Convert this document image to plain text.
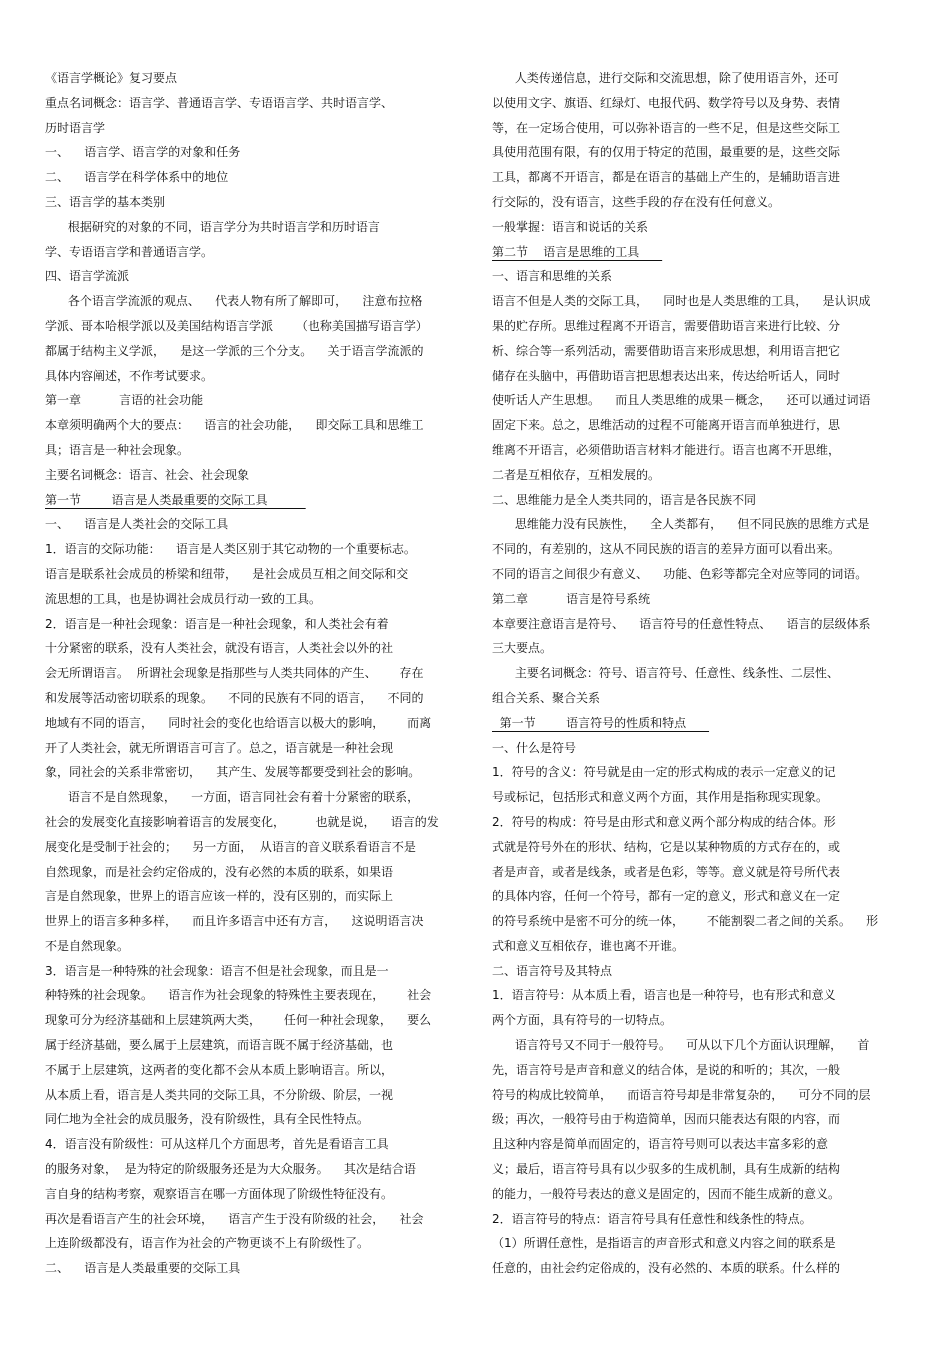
《语言学概论》复习要点
重点名词概念：语言学、普通语言学、专语语言学、共时语言学、
历时语言学
一、    语言学、语言学的对象和任务
二、    语言学在科学体系中的地位
三、语言学的基本类别
根据研究的对象的不同，语言学分为共时语言学和历时语言
学、专语语言学和普通语言学。
四、语言学流派
各个语言学流派的观点、    代表人物有所了解即可，    注意布拉格
学派、哥本哈根学派以及美国结构语言学派      （也称美国描写语言学）
都属于结构主义学派，    是这一学派的三个分支。    关于语言学流派的
具体内容阐述，不作考试要求。
第一章          言语的社会功能
本章须明确两个大的要点：    语言的社会功能，    即交际工具和思维工
具；语言是一种社会现象。
主要名词概念：语言、社会、社会现象
第一节        语言是人类最重要的交际工具
一、    语言是人类社会的交际工具
1．语言的交际功能：    语言是人类区别于其它动物的一个重要标志。
语言是联系社会成员的桥梁和纽带，    是社会成员互相之间交际和交
流思想的工具，也是协调社会成员行动一致的工具。
2．语言是一种社会现象：语言是一种社会现象，和人类社会有着
十分紧密的联系，没有人类社会，就没有语言，人类社会以外的社
会无所谓语言。  所谓社会现象是指那些与人类共同体的产生、      存在
和发展等活动密切联系的现象。    不同的民族有不同的语言，    不同的
地域有不同的语言，    同时社会的变化也给语言以极大的影响，      而离
开了人类社会，就无所谓语言可言了。总之，语言就是一种社会现
象，同社会的关系非常密切，    其产生、发展等都要受到社会的影响。
语言不是自然现象，    一方面，语言同社会有着十分紧密的联系，
社会的发展变化直接影响着语言的发展变化，        也就是说，    语言的发
展变化是受制于社会的；    另一方面，  从语言的音义联系看语言不是
自然现象，而是社会约定俗成的，没有必然的本质的联系，如果语
言是自然现象，世界上的语言应该一样的，没有区别的，而实际上
世界上的语言多种多样，    而且许多语言中还有方言，    这说明语言决
不是自然现象。
3．语言是一种特殊的社会现象：语言不但是社会现象，而且是一
种特殊的社会现象。    语言作为社会现象的特殊性主要表现在，      社会
现象可分为经济基础和上层建筑两大类，      任何一种社会现象，    要么
属于经济基础，要么属于上层建筑，而语言既不属于经济基础，也
不属于上层建筑，这两者的变化都不会从本质上影响语言。所以，
从本质上看，语言是人类共同的交际工具，不分阶级、阶层，一视
同仁地为全社会的成员服务，没有阶级性，具有全民性特点。
4．语言没有阶级性：可从这样几个方面思考，首先是看语言工具
的服务对象，  是为特定的阶级服务还是为大众服务。    其次是结合语
言自身的结构考察，观察语言在哪一方面体现了阶级性特征没有。
再次是看语言产生的社会环境，    语言产生于没有阶级的社会，    社会
上连阶级都没有，语言作为社会的产物更谈不上有阶级性了。
二、    语言是人类最重要的交际工具
人类传递信息，进行交际和交流思想，除了使用语言外，还可
以使用文字、旗语、红绿灯、电报代码、数学符号以及身势、表情
等，在一定场合使用，可以弥补语言的一些不足，但是这些交际工
具使用范围有限，有的仅用于特定的范围，最重要的是，这些交际
工具，都离不开语言，都是在语言的基础上产生的，是辅助语言进
行交际的，没有语言，这些手段的存在没有任何意义。
一般掌握：语言和说话的关系
第二节    语言是思维的工具
一、语言和思维的关系
语言不但是人类的交际工具，    同时也是人类思维的工具，    是认识成
果的贮存所。思维过程离不开语言，需要借助语言来进行比较、分
析、综合等一系列活动，需要借助语言来形成思想，利用语言把它
储存在头脑中，再借助语言把思想表达出来，传达给听话人，同时
使听话人产生思想。    而且人类思维的成果－概念，    还可以通过词语
固定下来。总之，思维活动的过程不可能离开语言而单独进行，思
维离不开语言，必须借助语言材料才能进行。语言也离不开思维，
二者是互相依存，互相发展的。
二、思维能力是全人类共同的，语言是各民族不同
思维能力没有民族性，    全人类都有，    但不同民族的思维方式是
不同的，有差别的，这从不同民族的语言的差异方面可以看出来。
不同的语言之间很少有意义、    功能、色彩等都完全对应等同的词语。
第二章          语言是符号系统
本章要注意语言是符号、    语言符号的任意性特点、    语言的层级体系
三大要点。
主要名词概念：符号、语言符号、任意性、线条性、二层性、
组合关系、聚合关系
第一节        语言符号的性质和特点
一、什么是符号
1．符号的含义：符号就是由一定的形式构成的表示一定意义的记
号或标记，包括形式和意义两个方面，其作用是指称现实现象。
2．符号的构成：符号是由形式和意义两个部分构成的结合体。形
式就是符号外在的形状、结构，它是以某种物质的方式存在的，或
者是声音，或者是线条，或者是色彩，等等。意义就是符号所代表
的具体内容，任何一个符号，都有一定的意义，形式和意义在一定
的符号系统中是密不可分的统一体，      不能割裂二者之间的关系。    形
式和意义互相依存，谁也离不开谁。
二、语言符号及其特点
1．语言符号：从本质上看，语言也是一种符号，也有形式和意义
两个方面，具有符号的一切特点。
语言符号又不同于一般符号。    可从以下几个方面认识理解，    首
先，语言符号是声音和意义的结合体，是说的和听的；其次，一般
符号的构成比较简单，    而语言符号却是非常复杂的，    可分不同的层
级；再次，一般符号由于构造简单，因而只能表达有限的内容，而
且这种内容是简单而固定的，语言符号则可以表达丰富多彩的意
义；最后，语言符号具有以少驭多的生成机制，具有生成新的结构
的能力，一般符号表达的意义是固定的，因而不能生成新的意义。
2．语言符号的特点：语言符号具有任意性和线条性的特点。
（1）所谓任意性，是指语言的声音形式和意义内容之间的联系是
任意的，由社会约定俗成的，没有必然的、本质的联系。什么样的
